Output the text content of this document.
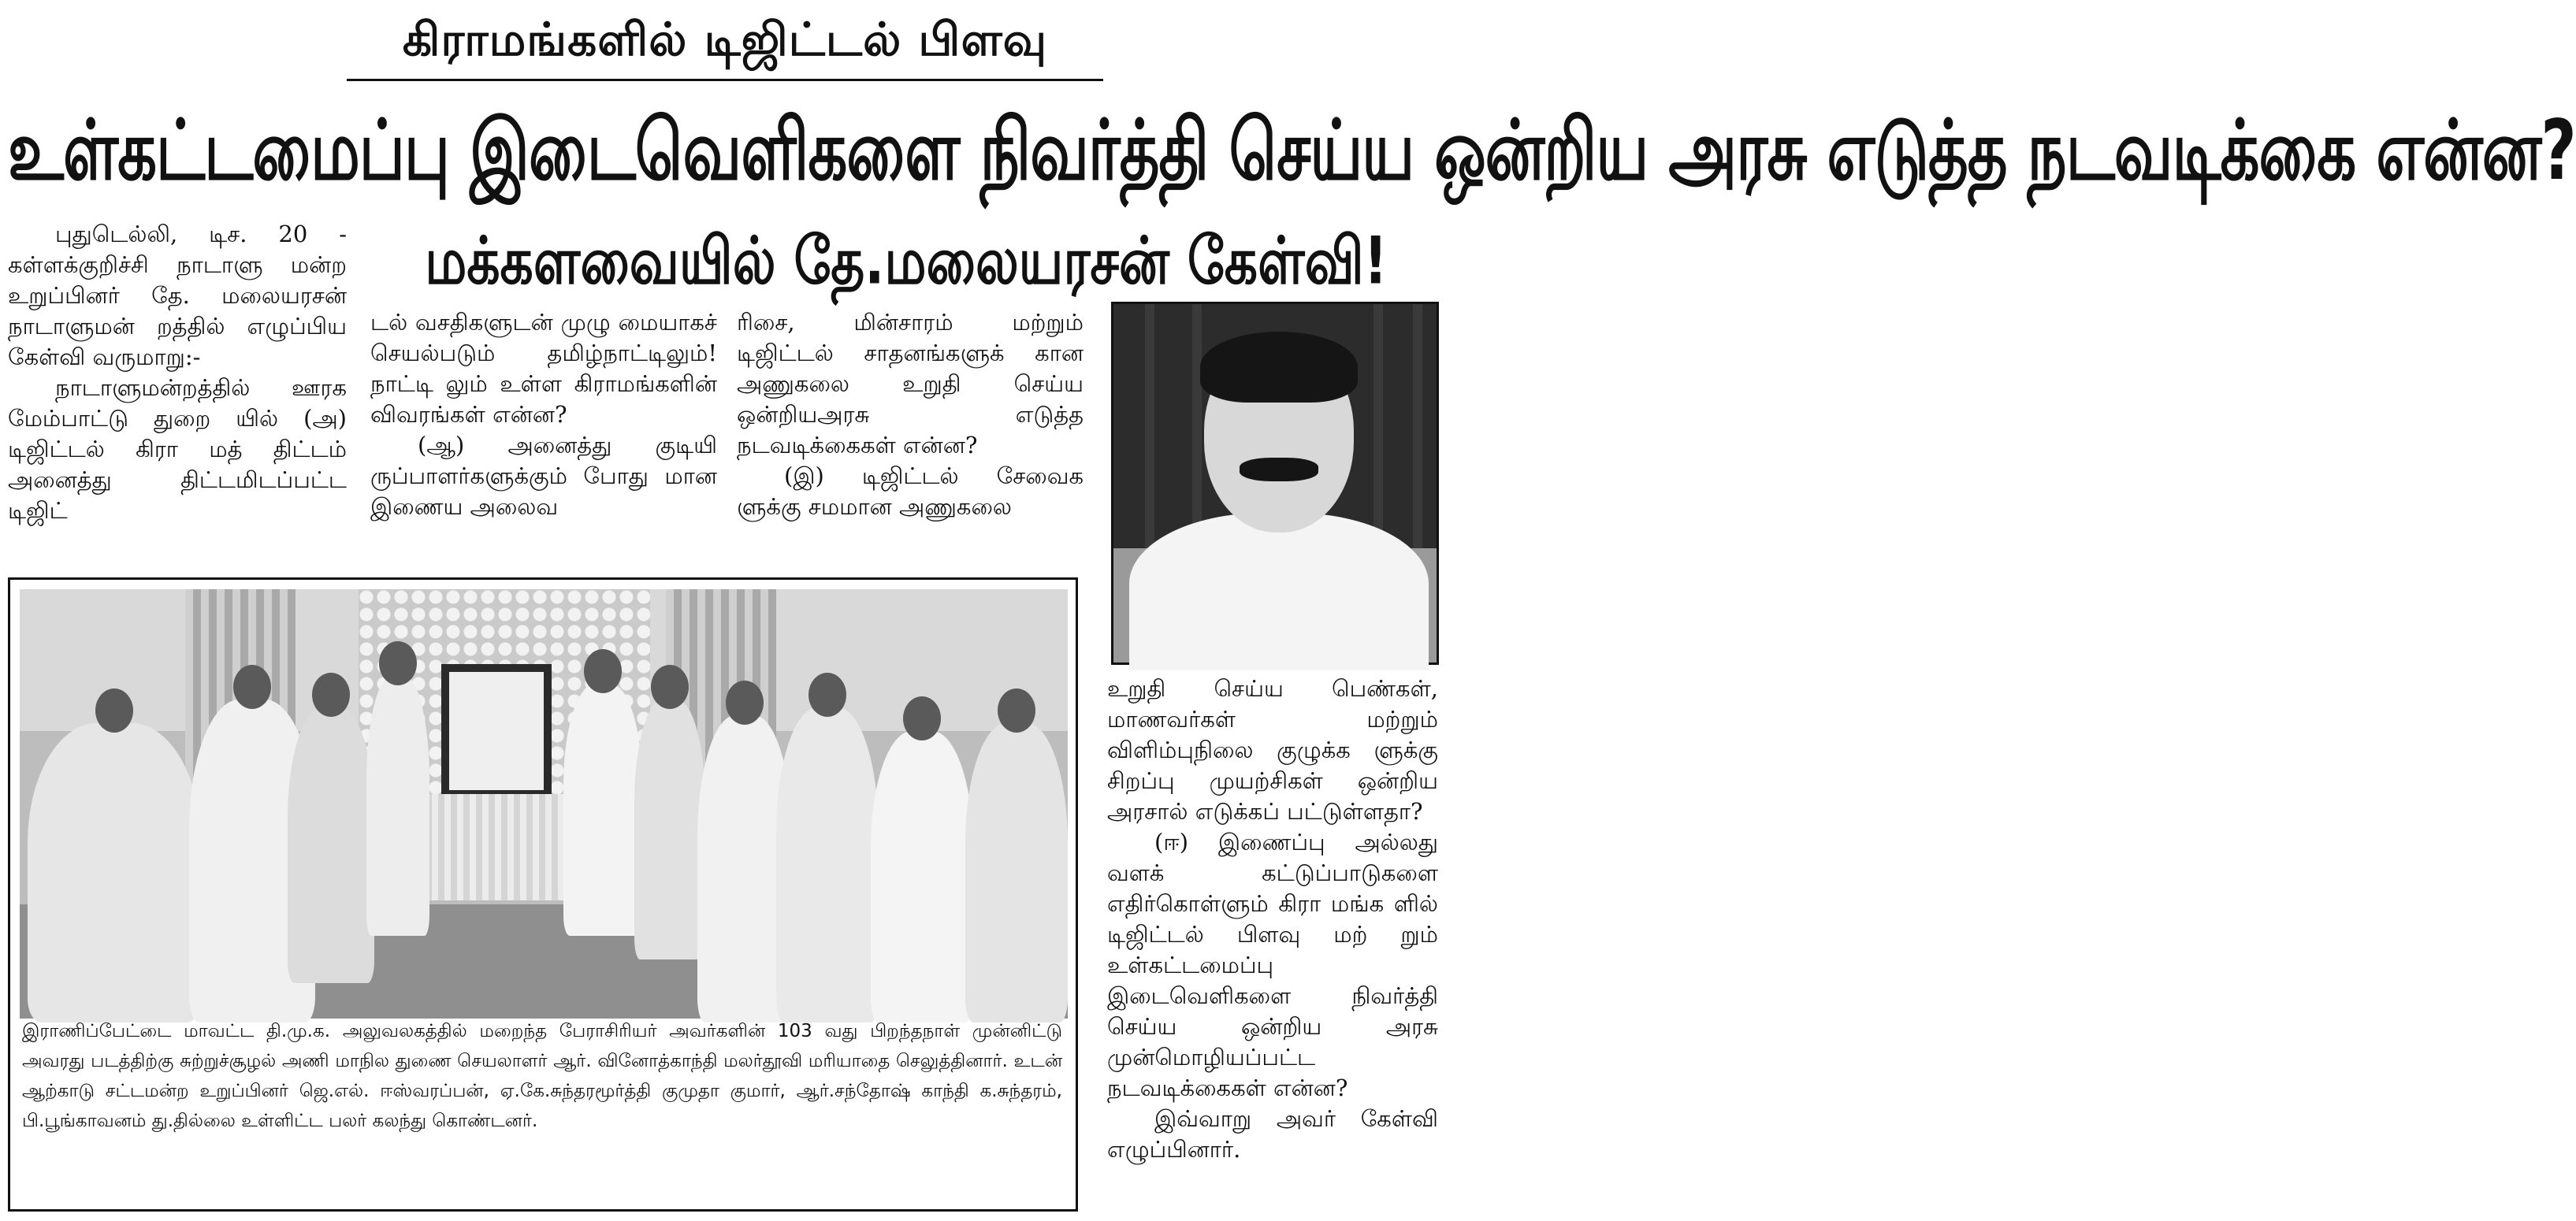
கிராமங்களில் டிஜிட்டல் பிளவு
உள்கட்டமைப்பு இடைவெளிகளை நிவர்த்தி செய்ய ஒன்றிய அரசு எடுத்த நடவடிக்கை என்ன?
மக்களவையில் தே.மலையரசன் கேள்வி!

புதுடெல்லி, டிச. 20 - கள்ளக்குறிச்சி நாடாளு மன்ற உறுப்பினர் தே. மலையரசன் நாடாளுமன் றத்தில் எழுப்பிய கேள்வி வருமாறு:-

நாடாளுமன்றத்தில் ஊரக மேம்பாட்டு துறை யில் (அ) டிஜிட்டல் கிரா மத் திட்டம் அனைத்து திட்டமிடப்பட்ட டிஜிட்

டல் வசதிகளுடன் முழு மையாகச் செயல்படும் தமிழ்நாட்டிலும்! நாட்டி லும் உள்ள கிராமங்களின் விவரங்கள் என்ன?

(ஆ) அனைத்து குடியி ருப்பாளர்களுக்கும் போது மான இணைய அலைவ

ரிசை, மின்சாரம் மற்றும் டிஜிட்டல் சாதனங்களுக் கான அணுகலை உறுதி செய்ய ஒன்றியஅரசு எடுத்த நடவடிக்கைகள் என்ன?

(இ) டிஜிட்டல் சேவைக ளுக்கு சமமான அணுகலை

உறுதி செய்ய பெண்கள், மாணவர்கள் மற்றும் விளிம்புநிலை குழுக்க ளுக்கு சிறப்பு முயற்சிகள் ஒன்றிய அரசால் எடுக்கப் பட்டுள்ளதா?

(ஈ) இணைப்பு அல்லது வளக் கட்டுப்பாடுகளை எதிர்கொள்ளும் கிரா மங்க ளில் டிஜிட்டல் பிளவு மற் றும் உள்கட்டமைப்பு இடைவெளிகளை நிவர்த்தி செய்ய ஒன்றிய அரசு முன்மொழியப்பட்ட நடவடிக்கைகள் என்ன?

இவ்வாறு அவர் கேள்வி எழுப்பினார்.

இராணிப்பேட்டை மாவட்ட தி.மு.க. அலுவலகத்தில் மறைந்த பேராசிரியர் அவர்களின் 103 வது பிறந்தநாள் முன்னிட்டு அவரது படத்திற்கு சுற்றுச்சூழல் அணி மாநில துணை செயலாளர் ஆர். வினோத்காந்தி மலர்தூவி மரியாதை செலுத்தினார். உடன் ஆற்காடு சட்டமன்ற உறுப்பினர் ஜெ.எல். ஈஸ்வரப்பன், ஏ.கே.சுந்தரமூர்த்தி குமுதா குமார், ஆர்.சந்தோஷ் காந்தி க.சுந்தரம், பி.பூங்காவனம் து.தில்லை உள்ளிட்ட பலர் கலந்து கொண்டனர்.
